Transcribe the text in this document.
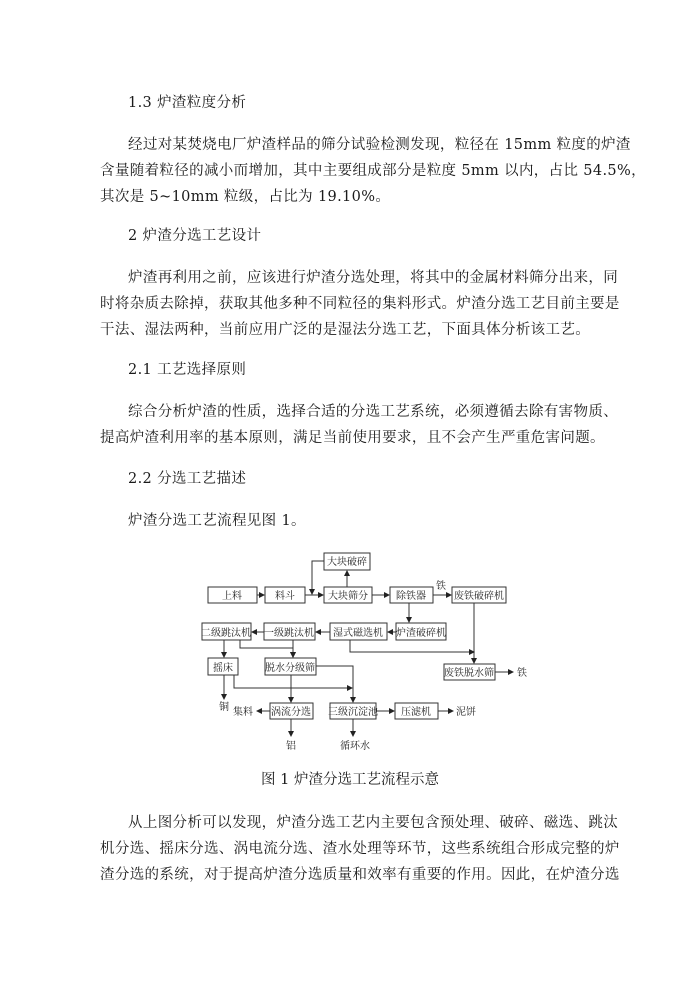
1.3 炉渣粒度分析
经过对某焚烧电厂炉渣样品的筛分试验检测发现，粒径在 15mm 粒度的炉渣
含量随着粒径的减小而增加，其中主要组成部分是粒度 5mm 以内，占比 54.5%，
其次是 5~10mm 粒级，占比为 19.10%。
2 炉渣分选工艺设计
炉渣再利用之前，应该进行炉渣分选处理，将其中的金属材料筛分出来，同
时将杂质去除掉，获取其他多种不同粒径的集料形式。炉渣分选工艺目前主要是
干法、湿法两种，当前应用广泛的是湿法分选工艺，下面具体分析该工艺。
2.1 工艺选择原则
综合分析炉渣的性质，选择合适的分选工艺系统，必须遵循去除有害物质、
提高炉渣利用率的基本原则，满足当前使用要求，且不会产生严重危害问题。
2.2 分选工艺描述
炉渣分选工艺流程见图 1。
大块破碎
上料	料斗	大块筛分	除铁器
铁
废铁破碎机
二级跳汰机 一级跳汰机 湿式磁选机 炉渣破碎机
摇床	脱水分级筛	废铁脱水筛 铁
铜 集料 涡流分选 三级沉淀池 压滤机	泥饼
铝	循环水
图 1 炉渣分选工艺流程示意
从上图分析可以发现，炉渣分选工艺内主要包含预处理、破碎、磁选、跳汰
机分选、摇床分选、涡电流分选、渣水处理等环节，这些系统组合形成完整的炉
渣分选的系统，对于提高炉渣分选质量和效率有重要的作用。因此，在炉渣分选
